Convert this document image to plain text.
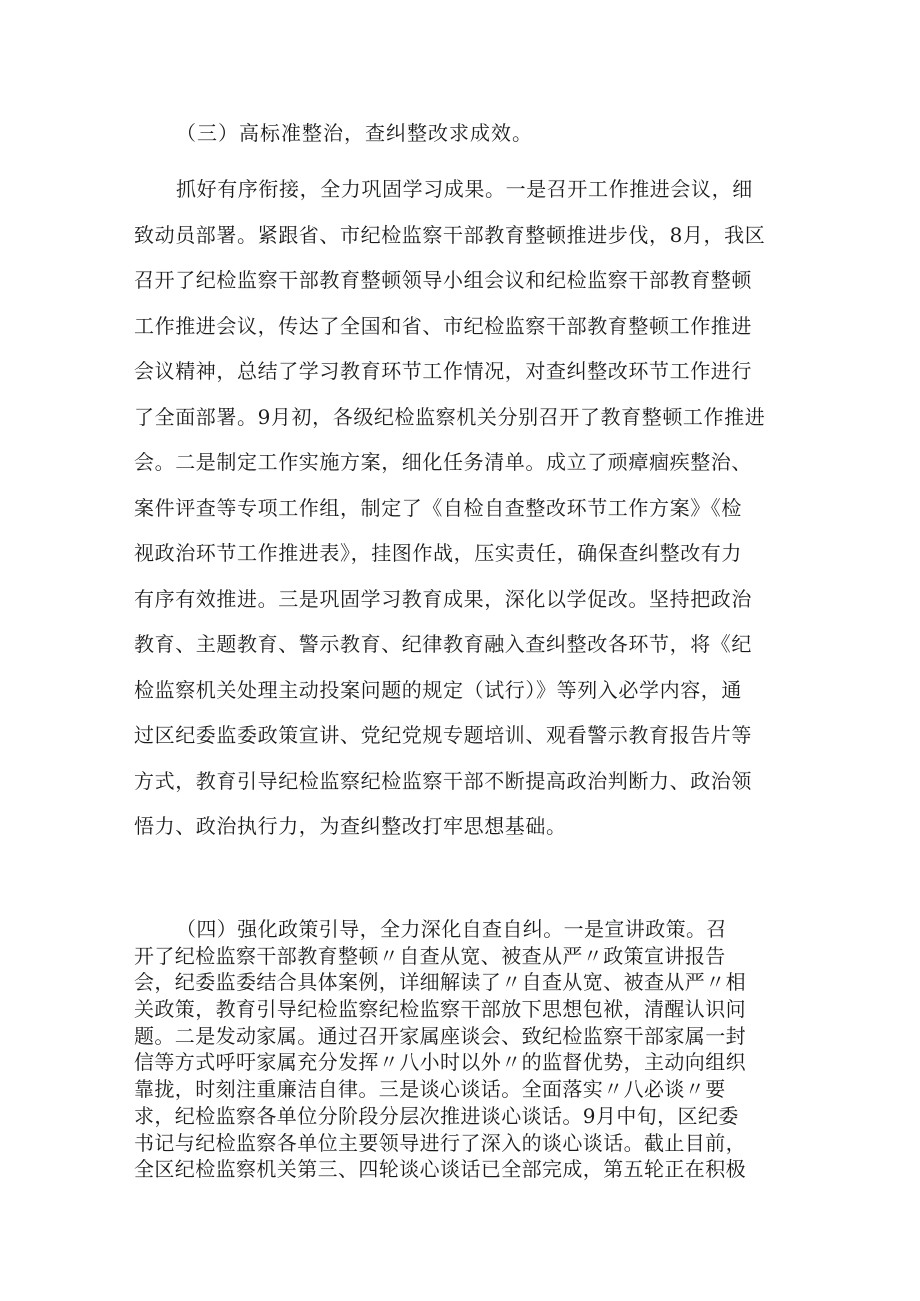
（三）高标准整治，查纠整改求成效。
抓好有序衔接，全力巩固学习成果。一是召开工作推进会议，细
致动员部署。紧跟省、市纪检监察干部教育整顿推进步伐，8月，我区
召开了纪检监察干部教育整顿领导小组会议和纪检监察干部教育整顿
工作推进会议，传达了全国和省、市纪检监察干部教育整顿工作推进
会议精神，总结了学习教育环节工作情况，对查纠整改环节工作进行
了全面部署。9月初，各级纪检监察机关分别召开了教育整顿工作推进
会。二是制定工作实施方案，细化任务清单。成立了顽瘴痼疾整治、
案件评查等专项工作组，制定了《自检自查整改环节工作方案》《检
视政治环节工作推进表》，挂图作战，压实责任，确保查纠整改有力
有序有效推进。三是巩固学习教育成果，深化以学促改。坚持把政治
教育、主题教育、警示教育、纪律教育融入查纠整改各环节，将《纪
检监察机关处理主动投案问题的规定（试行）》等列入必学内容，通
过区纪委监委政策宣讲、党纪党规专题培训、观看警示教育报告片等
方式，教育引导纪检监察纪检监察干部不断提高政治判断力、政治领
悟力、政治执行力，为查纠整改打牢思想基础。
（四）强化政策引导，全力深化自查自纠。一是宣讲政策。召
开了纪检监察干部教育整顿〃自查从宽、被查从严〃政策宣讲报告
会，纪委监委结合具体案例，详细解读了〃自查从宽、被查从严〃相
关政策，教育引导纪检监察纪检监察干部放下思想包袱，清醒认识问
题。二是发动家属。通过召开家属座谈会、致纪检监察干部家属一封
信等方式呼吁家属充分发挥〃八小时以外〃的监督优势，主动向组织
靠拢，时刻注重廉洁自律。三是谈心谈话。全面落实〃八必谈〃要
求，纪检监察各单位分阶段分层次推进谈心谈话。9月中旬，区纪委
书记与纪检监察各单位主要领导进行了深入的谈心谈话。截止目前，
全区纪检监察机关第三、四轮谈心谈话已全部完成，第五轮正在积极
